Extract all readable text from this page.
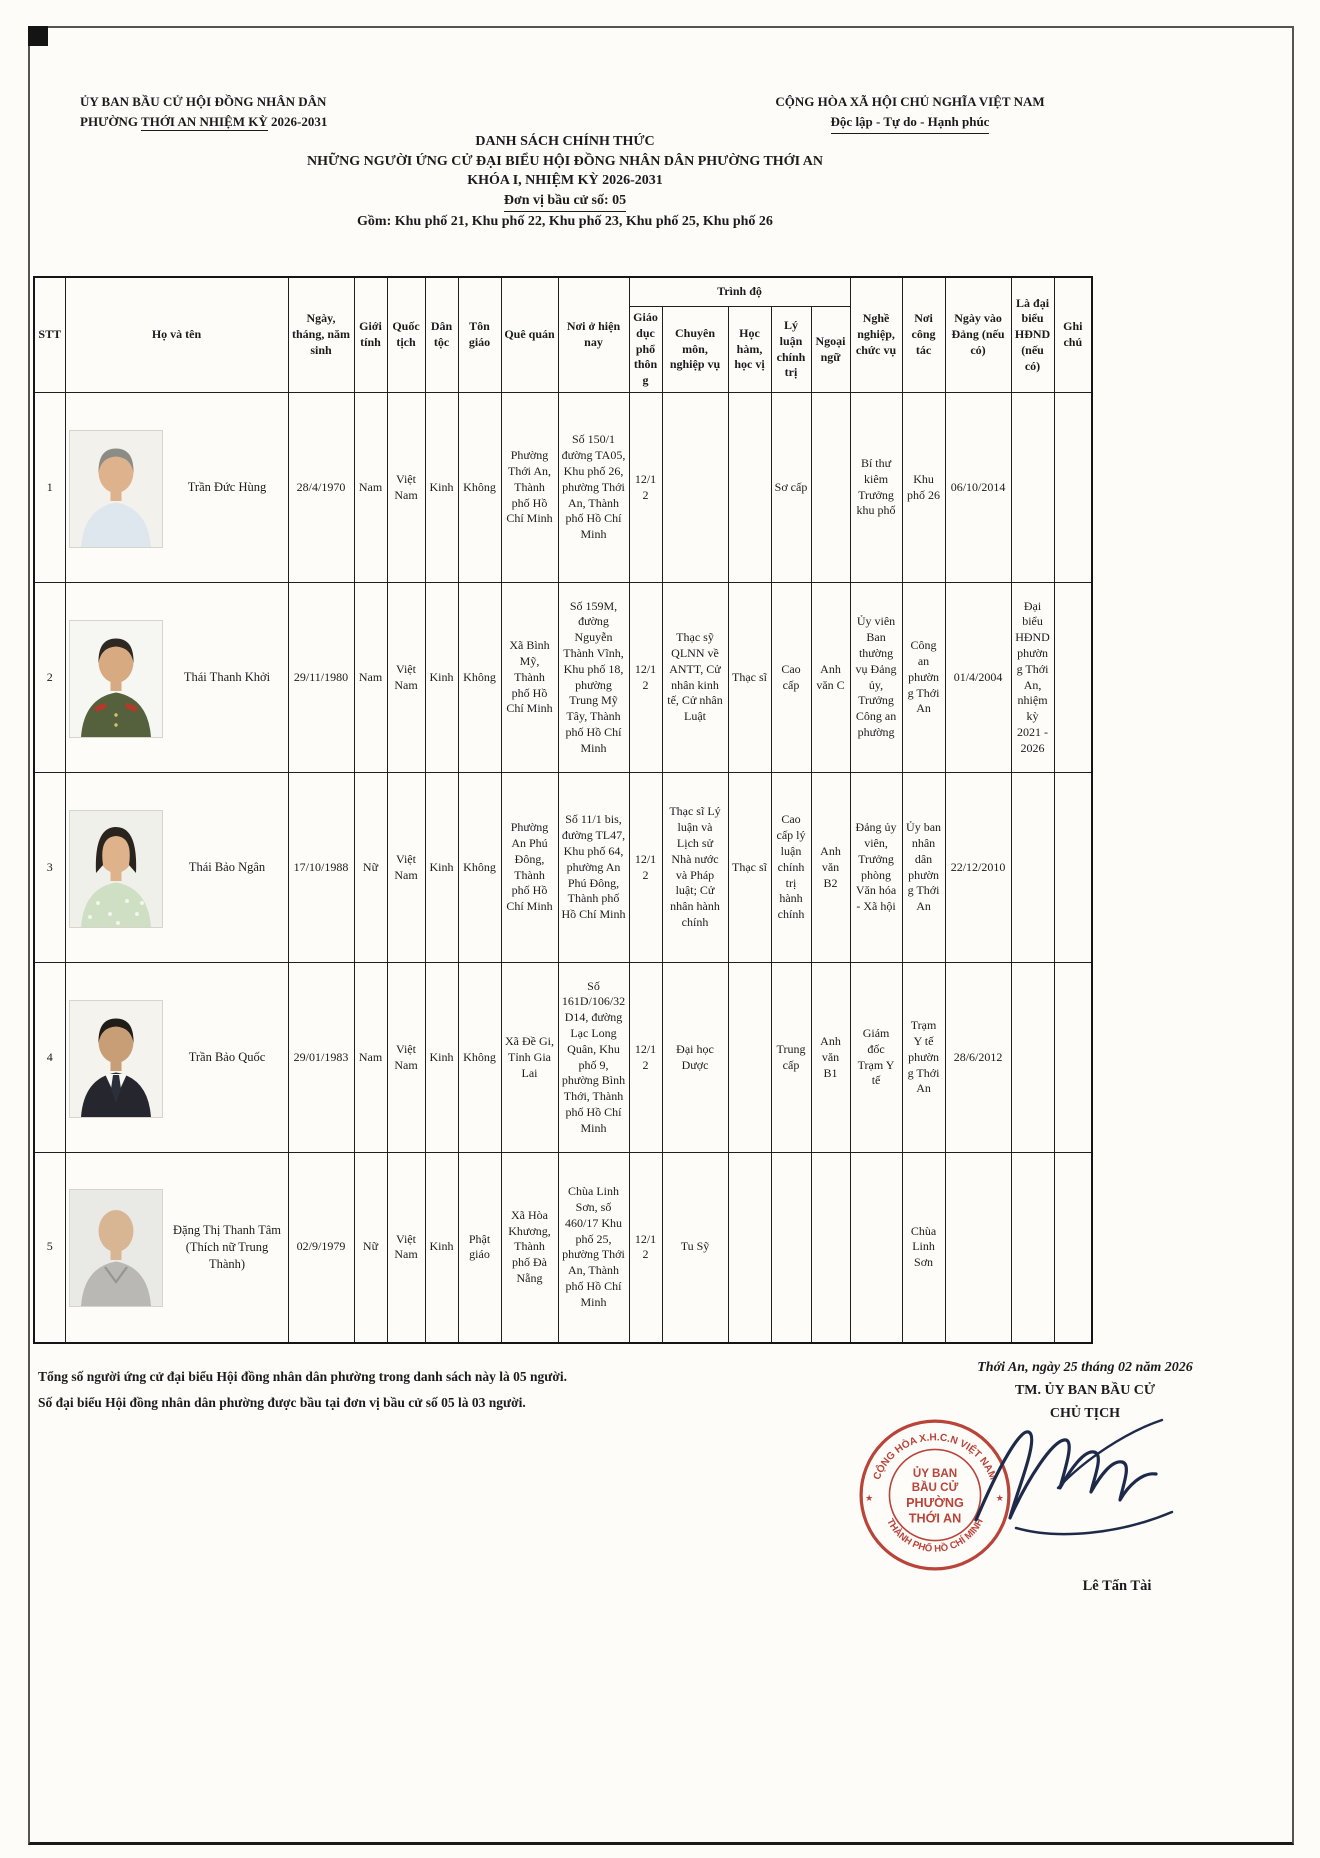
ỦY BAN BẦU CỬ HỘI ĐỒNG NHÂN DÂN
PHƯỜNG THỚI AN NHIỆM KỲ 2026-2031
CỘNG HÒA XÃ HỘI CHỦ NGHĨA VIỆT NAM
Độc lập - Tự do - Hạnh phúc
DANH SÁCH CHÍNH THỨC
NHỮNG NGƯỜI ỨNG CỬ ĐẠI BIỂU HỘI ĐỒNG NHÂN DÂN PHƯỜNG THỚI AN
KHÓA I, NHIỆM KỲ 2026-2031
Đơn vị bầu cử số: 05
Gồm: Khu phố 21, Khu phố 22, Khu phố 23, Khu phố 25, Khu phố 26
STT	Họ và tên	Ngày, tháng, năm sinh	Giới tính	Quốc tịch	Dân tộc	Tôn giáo	Quê quán	Nơi ở hiện nay	Trình độ					Nghề nghiệp, chức vụ	Nơi công tác	Ngày vào Đảng (nếu có)	Là đại biểu HĐND (nếu có)	Ghi chú
									Giáo dục phổ thông	Chuyên môn, nghiệp vụ	Học hàm, học vị	Lý luận chính trị	Ngoại ngữ					
1	Trần Đức Hùng	28/4/1970	Nam	Việt Nam	Kinh	Không	Phường Thới An, Thành phố Hồ Chí Minh	Số 150/1 đường TA05, Khu phố 26, phường Thới An, Thành phố Hồ Chí Minh	12/12			Sơ cấp		Bí thư kiêm Trưởng khu phố	Khu phố 26	06/10/2014		
2	Thái Thanh Khởi	29/11/1980	Nam	Việt Nam	Kinh	Không	Xã Bình Mỹ, Thành phố Hồ Chí Minh	Số 159M, đường Nguyễn Thành Vĩnh, Khu phố 18, phường Trung Mỹ Tây, Thành phố Hồ Chí Minh	12/12	Thạc sỹ QLNN về ANTT, Cử nhân kinh tế, Cử nhân Luật	Thạc sĩ	Cao cấp	Anh văn C	Ủy viên Ban thường vụ Đảng ủy, Trưởng Công an phường	Công an phường Thới An	01/4/2004	Đại biểu HĐND phường Thới An, nhiệm kỳ 2021 - 2026	
3	Thái Bảo Ngân	17/10/1988	Nữ	Việt Nam	Kinh	Không	Phường An Phú Đông, Thành phố Hồ Chí Minh	Số 11/1 bis, đường TL47, Khu phố 64, phường An Phú Đông, Thành phố Hồ Chí Minh	12/12	Thạc sĩ Lý luận và Lịch sử Nhà nước và Pháp luật; Cử nhân hành chính	Thạc sĩ	Cao cấp lý luận chính trị hành chính	Anh văn B2	Đảng ủy viên, Trưởng phòng Văn hóa - Xã hội	Ủy ban nhân dân phường Thới An	22/12/2010		
4	Trần Bảo Quốc	29/01/1983	Nam	Việt Nam	Kinh	Không	Xã Đề Gi, Tỉnh Gia Lai	Số 161D/106/32 D14, đường Lạc Long Quân, Khu phố 9, phường Bình Thới, Thành phố Hồ Chí Minh	12/12	Đại học Dược		Trung cấp	Anh văn B1	Giám đốc Trạm Y tế	Trạm Y tế phường Thới An	28/6/2012		
5	Đặng Thị Thanh Tâm (Thích nữ Trung Thành)	02/9/1979	Nữ	Việt Nam	Kinh	Phật giáo	Xã Hòa Khương, Thành phố Đà Nẵng	Chùa Linh Sơn, số 460/17 Khu phố 25, phường Thới An, Thành phố Hồ Chí Minh	12/12	Tu Sỹ					Chùa Linh Sơn			
Tổng số người ứng cử đại biểu Hội đồng nhân dân phường trong danh sách này là 05 người.
Số đại biểu Hội đồng nhân dân phường được bầu tại đơn vị bầu cử số 05 là 03 người.
Thới An, ngày 25 tháng 02 năm 2026
TM. ỦY BAN BẦU CỬ
CHỦ TỊCH
CỘNG HÒA X.H.C.N VIỆT NAM
THÀNH PHỐ HỒ CHÍ MINH
★	★
ỦY BAN
BẦU CỬ
PHƯỜNG
THỚI AN
Lê Tấn Tài
